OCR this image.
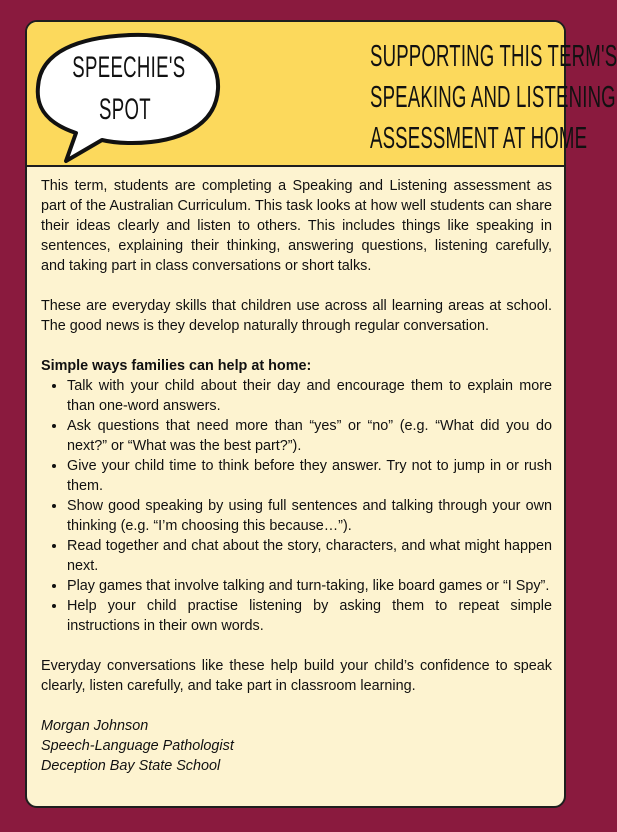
SPEECHIE'S
SPOT
SUPPORTING THIS TERM'S
SPEAKING AND LISTENING
ASSESSMENT AT HOME

This term, students are completing a Speaking and Listening assessment as part of the Australian Curriculum. This task looks at how well students can share their ideas clearly and listen to others. This includes things like speaking in sentences, explaining their thinking, answering questions, listening carefully, and taking part in class conversations or short talks.

These are everyday skills that children use across all learning areas at school. The good news is they develop naturally through regular conversation.

Simple ways families can help at home:

• Talk with your child about their day and encourage them to explain more than one-word answers.
• Ask questions that need more than “yes” or “no” (e.g. “What did you do next?” or “What was the best part?”).
• Give your child time to think before they answer. Try not to jump in or rush them.
• Show good speaking by using full sentences and talking through your own thinking (e.g. “I’m choosing this because…”).
• Read together and chat about the story, characters, and what might happen next.
• Play games that involve talking and turn-taking, like board games or “I Spy”.
• Help your child practise listening by asking them to repeat simple instructions in their own words.

Everyday conversations like these help build your child’s confidence to speak clearly, listen carefully, and take part in classroom learning.

Morgan Johnson

Speech-Language Pathologist

Deception Bay State School
